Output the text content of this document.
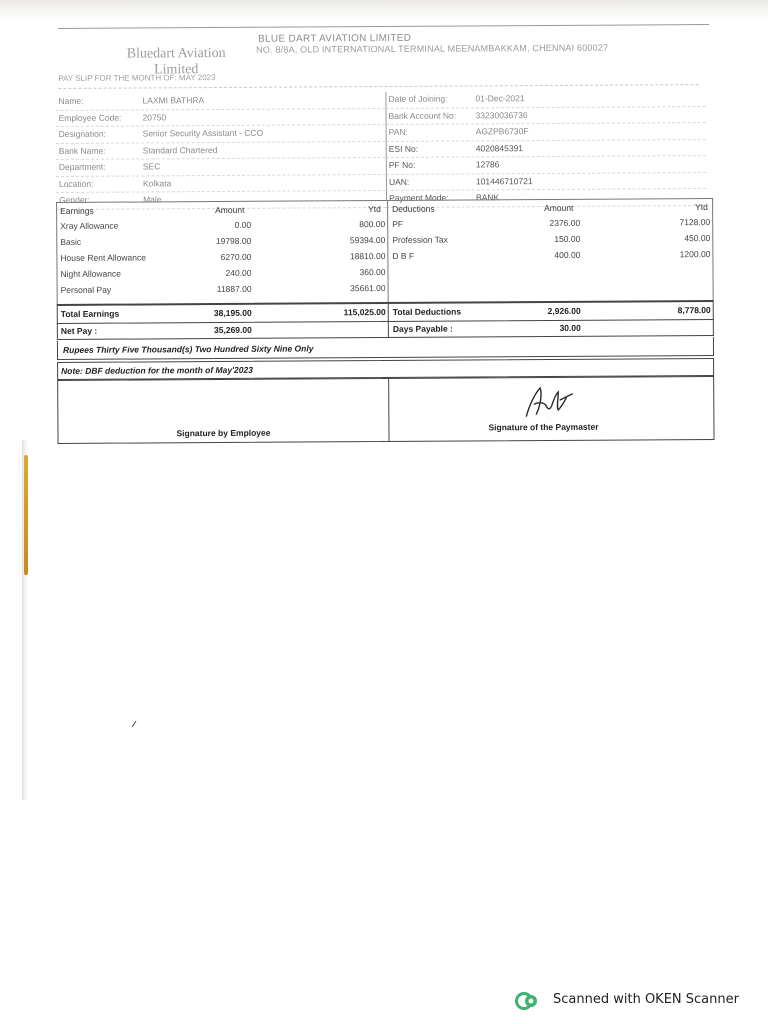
Bluedart Aviation Limited
BLUE DART AVIATION LIMITED
NO. 8/8A, OLD INTERNATIONAL TERMINAL MEENAMBAKKAM, CHENNAI 600027
PAY SLIP FOR THE MONTH OF: MAY 2023
Name:	LAXMI BATHRA
Employee Code: 20750
Designation:	Senior Security Assistant - CCO
Bank Name:	Standard Chartered
Department:	SEC
Location:	Kolkata
Gender:	Male
Date of Joining:	01-Dec-2021
Bank Account No: 33230036736
PAN:	AGZPB6730F
ESI No:	4020845391
PF No:	12786
UAN:	101446710721
Payment Mode:	BANK
Earnings	Amount	Ytd Deductions	Amount	Ytd
Xray Allowance	0.00	800.00 PF	2376.00	7128.00
Basic	19798.00	59394.00 Profession Tax	150.00	450.00
House Rent Allowance	6270.00	18810.00 D B F	400.00	1200.00
Night Allowance	240.00	360.00
Personal Pay	11887.00	35661.00
Total Earnings	38,195.00	115,025.00 Total Deductions	2,926.00	8,778.00
Net Pay :	35,269.00	Days Payable :	30.00
Rupees Thirty Five Thousand(s) Two Hundred Sixty Nine Only
Note: DBF deduction for the month of May'2023
Signature by Employee
Signature of the Paymaster
Scanned with OKEN Scanner
